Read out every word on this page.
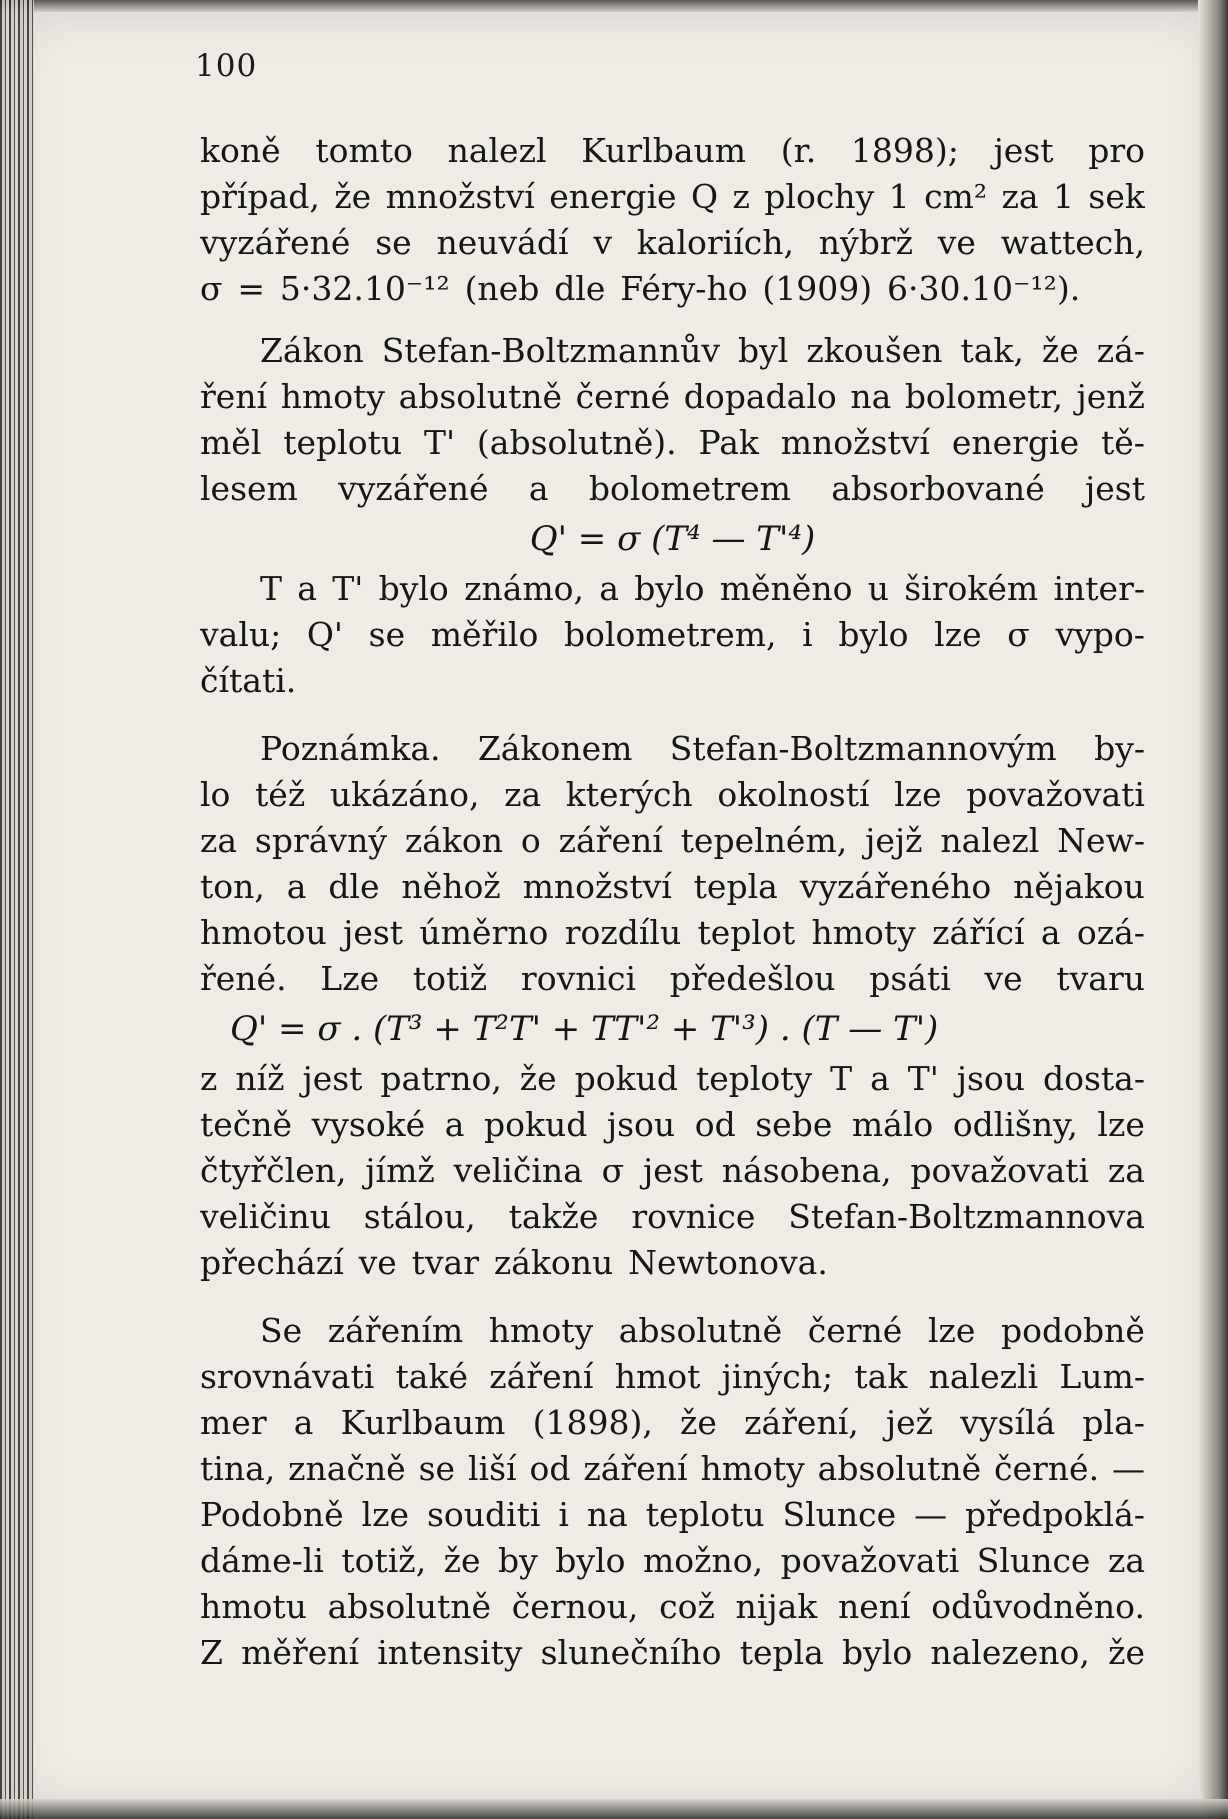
100
koně tomto nalezl Kurlbaum (r. 1898); jest pro
případ, že množství energie Q z plochy 1 cm² za 1 sek
vyzářené se neuvádí v kaloriích, nýbrž ve wattech,
σ = 5·32.10⁻¹² (neb dle Féry-ho (1909) 6·30.10⁻¹²).
Zákon Stefan-Boltzmannův byl zkoušen tak, že zá-
ření hmoty absolutně černé dopadalo na bolometr, jenž
měl teplotu T' (absolutně). Pak množství energie tě-
lesem vyzářené a bolometrem absorbované jest
Q' = σ (T⁴ — T'⁴)
T a T' bylo známo, a bylo měněno u širokém inter-
valu; Q' se měřilo bolometrem, i bylo lze σ vypo-
čítati.
Poznámka. Zákonem Stefan-Boltzmannovým by-
lo též ukázáno, za kterých okolností lze považovati
za správný zákon o záření tepelném, jejž nalezl New-
ton, a dle něhož množství tepla vyzářeného nějakou
hmotou jest úměrno rozdílu teplot hmoty zářící a ozá-
řené. Lze totiž rovnici předešlou psáti ve tvaru
Q' = σ . (T³ + T²T' + TT'² + T'³) . (T — T')
z níž jest patrno, že pokud teploty T a T' jsou dosta-
tečně vysoké a pokud jsou od sebe málo odlišny, lze
čtyřčlen, jímž veličina σ jest násobena, považovati za
veličinu stálou, takže rovnice Stefan-Boltzmannova
přechází ve tvar zákonu Newtonova.
Se zářením hmoty absolutně černé lze podobně
srovnávati také záření hmot jiných; tak nalezli Lum-
mer a Kurlbaum (1898), že záření, jež vysílá pla-
tina, značně se liší od záření hmoty absolutně černé. —
Podobně lze souditi i na teplotu Slunce — předpoklá-
dáme-li totiž, že by bylo možno, považovati Slunce za
hmotu absolutně černou, což nijak není odůvodněno.
Z měření intensity slunečního tepla bylo nalezeno, že
